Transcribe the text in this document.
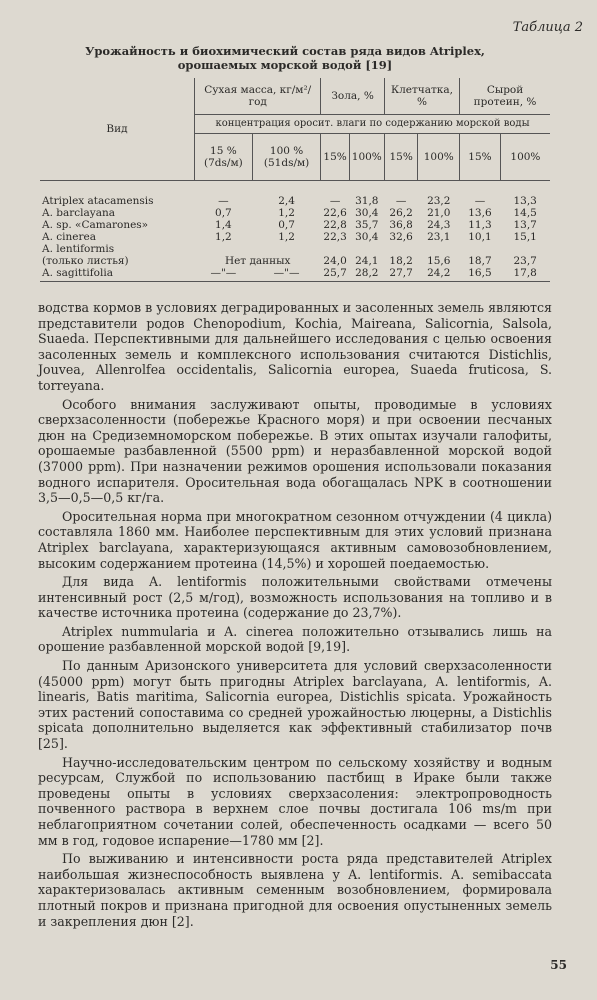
Таблица 2
Урожайность и биохимический состав ряда видов Atriplex, орошаемых морской водой [19]
Вид	Сухая масса, кг/м²/год		Зола, %		Клетчатка, %		Сырой протеин, %	
	концентрация оросит. влаги по содержанию морской воды							
	15 % (7ds/м)	100 % (51ds/м)	15%	100%	15%	100%	15%	100%

Atriplex atacamensis	—	2,4	—	31,8	—	23,2	—	13,3
A. barclayana	0,7	1,2	22,6	30,4	26,2	21,0	13,6	14,5
A. sp. «Camarones»	1,4	0,7	22,8	35,7	36,8	24,3	11,3	13,7
A. cinerea	1,2	1,2	22,3	30,4	32,6	23,1	10,1	15,1
A. lentiformis								
(только листья)	Нет данных		24,0	24,1	18,2	15,6	18,7	23,7
A. sagittifolia	—"—	—"—	25,7	28,2	27,7	24,2	16,5	17,8

водства кормов в условиях деградированных и засоленных земель являются представители родов Chenopodium, Kochia, Maireana, Salicornia, Salsola, Suaeda. Перспективными для дальнейшего исследования с целью освоения засоленных земель и комплексного использования считаются Distichlis, Jouvea, Allenrolfea occidentalis, Salicornia europea, Suaeda fruticosa, S. torreyana.

Особого внимания заслуживают опыты, проводимые в условиях сверхзасоленности (побережье Красного моря) и при освоении песчаных дюн на Средиземноморском побережье. В этих опытах изучали галофиты, орошаемые разбавленной (5500 ppm) и неразбавленной морской водой (37000 ppm). При назначении режимов орошения использовали показания водного испарителя. Оросительная вода обогащалась NPK в соотношении 3,5—0,5—0,5 кг/га.

Оросительная норма при многократном сезонном отчуждении (4 цикла) составляла 1860 мм. Наиболее перспективным для этих условий признана Atriplex barclayana, характеризующаяся активным самовозобновлением, высоким содержанием протеина (14,5%) и хорошей поедаемостью.

Для вида A. lentiformis положительными свойствами отмечены интенсивный рост (2,5 м/год), возможность использования на топливо и в качестве источника протеина (содержание до 23,7%).

Atriplex nummularia и A. cinerea положительно отзывались лишь на орошение разбавленной морской водой [9,19].

По данным Аризонского университета для условий сверхзасоленности (45000 ppm) могут быть пригодны Atriplex barclayana, A. lentiformis, A. linearis, Batis maritima, Salicornia europea, Distichlis spicata. Урожайность этих растений сопоставима со средней урожайностью люцерны, а Distichlis spicata дополнительно выделяется как эффективный стабилизатор почв [25].

Научно-исследовательским центром по сельскому хозяйству и водным ресурсам, Службой по использованию пастбищ в Ираке были также проведены опыты в условиях сверхзасоления: электропроводность почвенного раствора в верхнем слое почвы достигала 106 ms/m при неблагоприятном сочетании солей, обеспеченность осадками — всего 50 мм в год, годовое испарение—1780 мм [2].

По выживанию и интенсивности роста ряда представителей Atriplex наибольшая жизнеспособность выявлена у A. lentiformis. A. semibaccata характеризовалась активным семенным возобновлением, формировала плотный покров и признана пригодной для освоения опустыненных земель и закрепления дюн [2].

55
